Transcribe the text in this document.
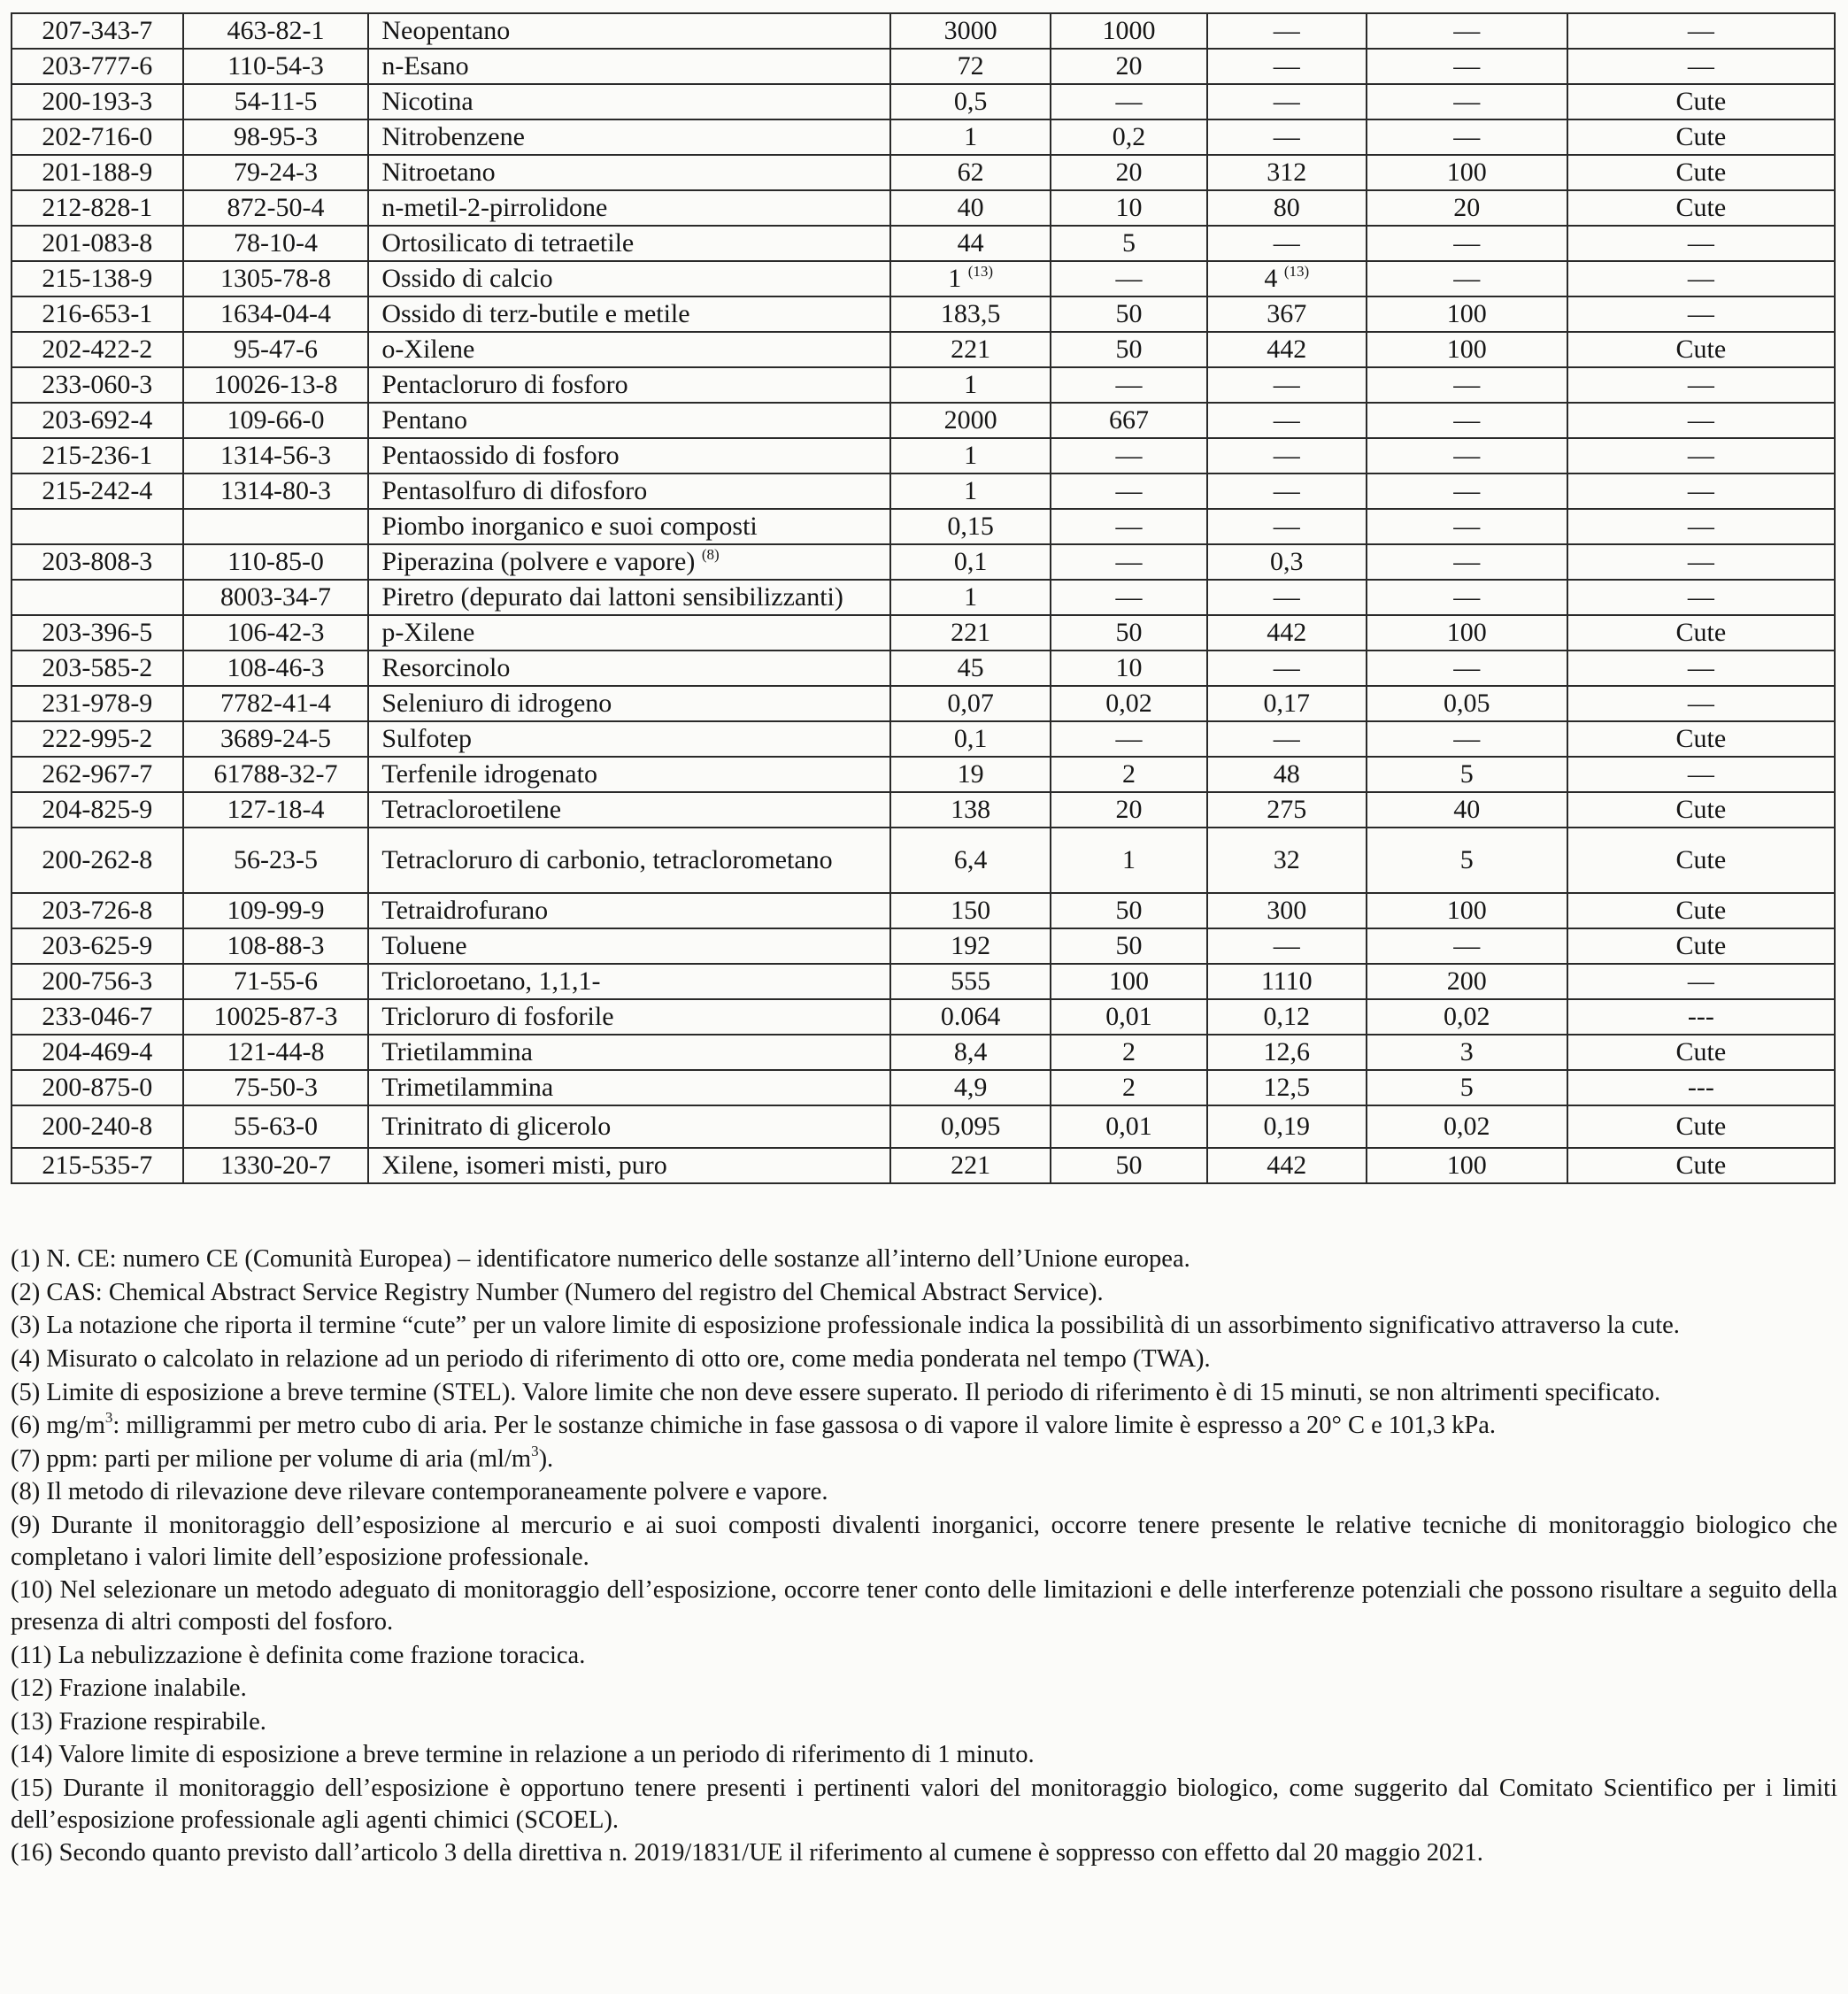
207-343-7	463-82-1	Neopentano	3000	1000	—	—	—
203-777-6	110-54-3	n-Esano	72	20	—	—	—
200-193-3	54-11-5	Nicotina	0,5	—	—	—	Cute
202-716-0	98-95-3	Nitrobenzene	1	0,2	—	—	Cute
201-188-9	79-24-3	Nitroetano	62	20	312	100	Cute
212-828-1	872-50-4	n-metil-2-pirrolidone	40	10	80	20	Cute
201-083-8	78-10-4	Ortosilicato di tetraetile	44	5	—	—	—
215-138-9	1305-78-8	Ossido di calcio	1 $^{(13)}$	—	4 $^{(13)}$	—	—
216-653-1	1634-04-4	Ossido di terz-butile e metile	183,5	50	367	100	—
202-422-2	95-47-6	o-Xilene	221	50	442	100	Cute
233-060-3	10026-13-8	Pentacloruro di fosforo	1	—	—	—	—
203-692-4	109-66-0	Pentano	2000	667	—	—	—
215-236-1	1314-56-3	Pentaossido di fosforo	1	—	—	—	—
215-242-4	1314-80-3	Pentasolfuro di difosforo	1	—	—	—	—
		Piombo inorganico e suoi composti	0,15	—	—	—	—
203-808-3	110-85-0	Piperazina (polvere e vapore) $^{(8)}$	0,1	—	0,3	—	—
	8003-34-7	Piretro (depurato dai lattoni sensibilizzanti)	1	—	—	—	—
203-396-5	106-42-3	p-Xilene	221	50	442	100	Cute
203-585-2	108-46-3	Resorcinolo	45	10	—	—	—
231-978-9	7782-41-4	Seleniuro di idrogeno	0,07	0,02	0,17	0,05	—
222-995-2	3689-24-5	Sulfotep	0,1	—	—	—	Cute
262-967-7	61788-32-7	Terfenile idrogenato	19	2	48	5	—
204-825-9	127-18-4	Tetracloroetilene	138	20	275	40	Cute
200-262-8	56-23-5	Tetracloruro di carbonio, tetraclorometano	6,4	1	32	5	Cute
203-726-8	109-99-9	Tetraidrofurano	150	50	300	100	Cute
203-625-9	108-88-3	Toluene	192	50	—	—	Cute
200-756-3	71-55-6	Tricloroetano, 1,1,1-	555	100	1110	200	—
233-046-7	10025-87-3	Tricloruro di fosforile	0.064	0,01	0,12	0,02	---
204-469-4	121-44-8	Trietilammina	8,4	2	12,6	3	Cute
200-875-0	75-50-3	Trimetilammina	4,9	2	12,5	5	---
200-240-8	55-63-0	Trinitrato di glicerolo	0,095	0,01	0,19	0,02	Cute
215-535-7	1330-20-7	Xilene, isomeri misti, puro	221	50	442	100	Cute
(1) N. CE: numero CE (Comunità Europea) – identificatore numerico delle sostanze all’interno dell’Unione europea.
(2) CAS: Chemical Abstract Service Registry Number (Numero del registro del Chemical Abstract Service).
(3) La notazione che riporta il termine “cute” per un valore limite di esposizione professionale indica la possibilità di un assorbimento significativo attraverso la cute.
(4) Misurato o calcolato in relazione ad un periodo di riferimento di otto ore, come media ponderata nel tempo (TWA).
(5) Limite di esposizione a breve termine (STEL). Valore limite che non deve essere superato. Il periodo di riferimento è di 15 minuti, se non altrimenti specificato.
(6) $mg/m^3$: milligrammi per metro cubo di aria. Per le sostanze chimiche in fase gassosa o di vapore il valore limite è espresso a 20° C e 101,3 kPa.
(7) ppm: parti per milione per volume di aria $(ml/m^3)$.
(8) Il metodo di rilevazione deve rilevare contemporaneamente polvere e vapore.
(9) Durante il monitoraggio dell’esposizione al mercurio e ai suoi composti divalenti inorganici, occorre tenere presente le relative tecniche di monitoraggio biologico che completano i valori limite dell’esposizione professionale.
(10) Nel selezionare un metodo adeguato di monitoraggio dell’esposizione, occorre tener conto delle limitazioni e delle interferenze potenziali che possono risultare a seguito della presenza di altri composti del fosforo.
(11) La nebulizzazione è definita come frazione toracica.
(12) Frazione inalabile.
(13) Frazione respirabile.
(14) Valore limite di esposizione a breve termine in relazione a un periodo di riferimento di 1 minuto.
(15) Durante il monitoraggio dell’esposizione è opportuno tenere presenti i pertinenti valori del monitoraggio biologico, come suggerito dal Comitato Scientifico per i limiti dell’esposizione professionale agli agenti chimici (SCOEL).
(16) Secondo quanto previsto dall’articolo 3 della direttiva n. 2019/1831/UE il riferimento al cumene è soppresso con effetto dal 20 maggio 2021.
